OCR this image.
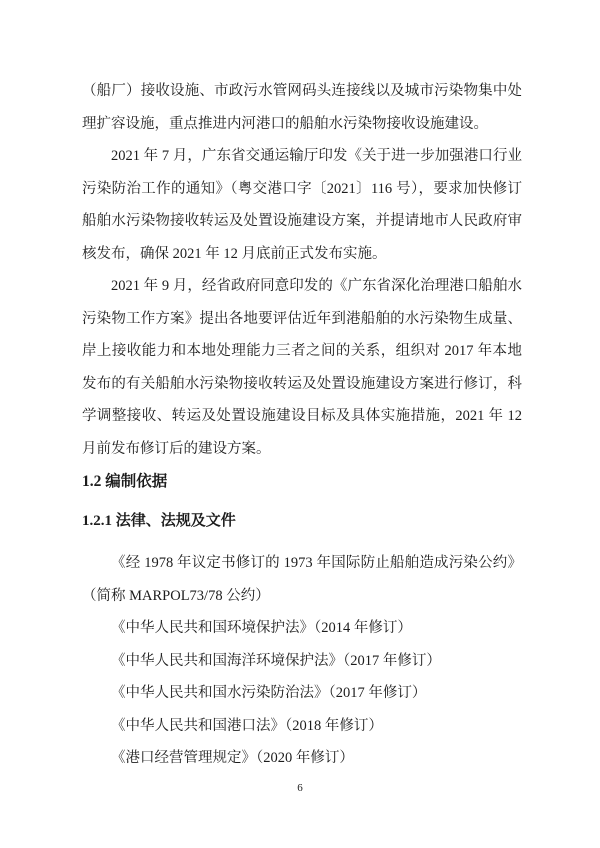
（船厂）接收设施、市政污水管网码头连接线以及城市污染物集中处理扩容设施，重点推进内河港口的船舶水污染物接收设施建设。

2021 年 7 月，广东省交通运输厅印发《关于进一步加强港口行业污染防治工作的通知》（粤交港口字〔2021〕116 号），要求加快修订船舶水污染物接收转运及处置设施建设方案，并提请地市人民政府审核发布，确保 2021 年 12 月底前正式发布实施。

2021 年 9 月，经省政府同意印发的《广东省深化治理港口船舶水污染物工作方案》提出各地要评估近年到港船舶的水污染物生成量、岸上接收能力和本地处理能力三者之间的关系，组织对 2017 年本地发布的有关船舶水污染物接收转运及处置设施建设方案进行修订，科学调整接收、转运及处置设施建设目标及具体实施措施，2021 年 12 月前发布修订后的建设方案。

1.2 编制依据
1.2.1 法律、法规及文件

《经 1978 年议定书修订的 1973 年国际防止船舶造成污染公约》（简称 MARPOL73/78 公约）

《中华人民共和国环境保护法》（2014 年修订）

《中华人民共和国海洋环境保护法》（2017 年修订）

《中华人民共和国水污染防治法》（2017 年修订）

《中华人民共和国港口法》（2018 年修订）

《港口经营管理规定》（2020 年修订）

6
